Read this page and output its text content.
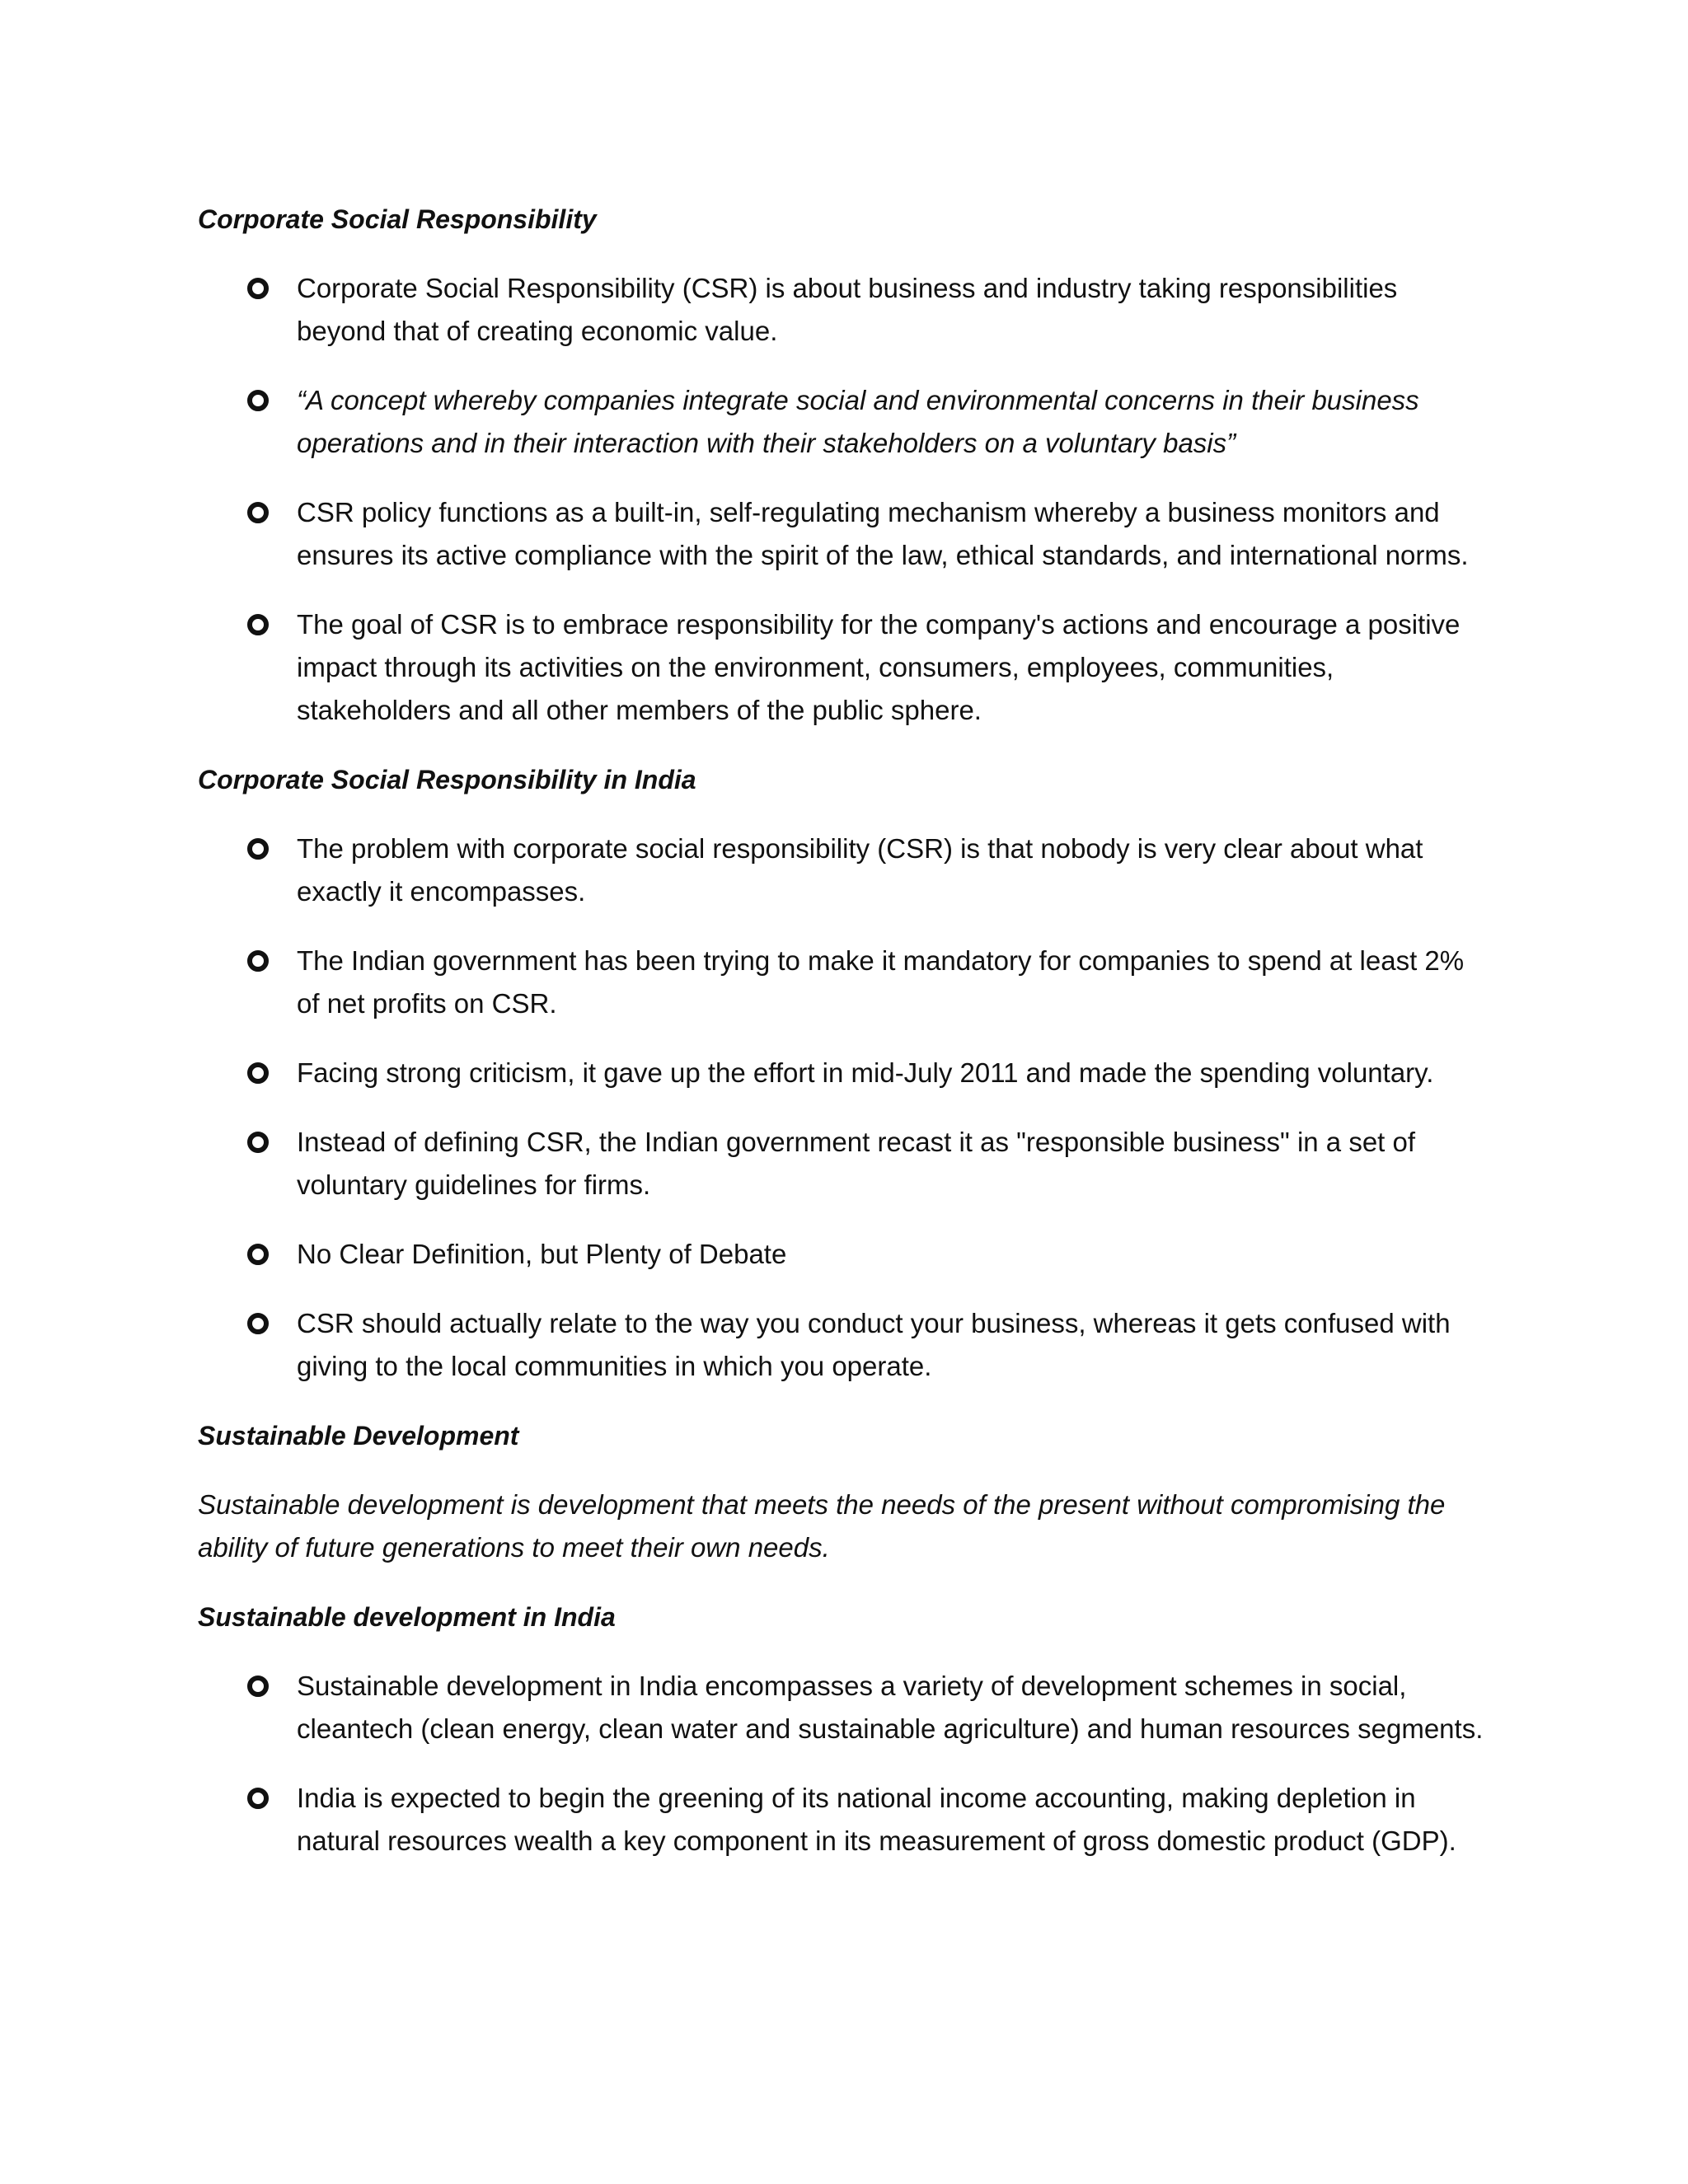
Corporate Social Responsibility
Corporate Social Responsibility (CSR) is about business and industry taking responsibilities beyond that of creating economic value.
“A concept whereby companies integrate social and environmental concerns in their business operations and in their interaction with their stakeholders on a voluntary basis”
CSR policy functions as a built-in, self-regulating mechanism whereby a business monitors and ensures its active compliance with the spirit of the law, ethical standards, and international norms.
The goal of CSR is to embrace responsibility for the company's actions and encourage a positive impact through its activities on the environment, consumers, employees, communities, stakeholders and all other members of the public sphere.
Corporate Social Responsibility in India
The problem with corporate social responsibility (CSR) is that nobody is very clear about what exactly it encompasses.
The Indian government has been trying to make it mandatory for companies to spend at least 2% of net profits on CSR.
Facing strong criticism, it gave up the effort in mid-July 2011 and made the spending voluntary.
Instead of defining CSR, the Indian government recast it as "responsible business" in a set of voluntary guidelines for firms.
No Clear Definition, but Plenty of Debate
CSR should actually relate to the way you conduct your business, whereas it gets confused with giving to the local communities in which you operate.
Sustainable Development

Sustainable development is development that meets the needs of the present without compromising the ability of future generations to meet their own needs.

Sustainable development in India
Sustainable development in India encompasses a variety of development schemes in social, cleantech (clean energy, clean water and sustainable agriculture) and human resources segments.
India is expected to begin the greening of its national income accounting, making depletion in natural resources wealth a key component in its measurement of gross domestic product (GDP).
